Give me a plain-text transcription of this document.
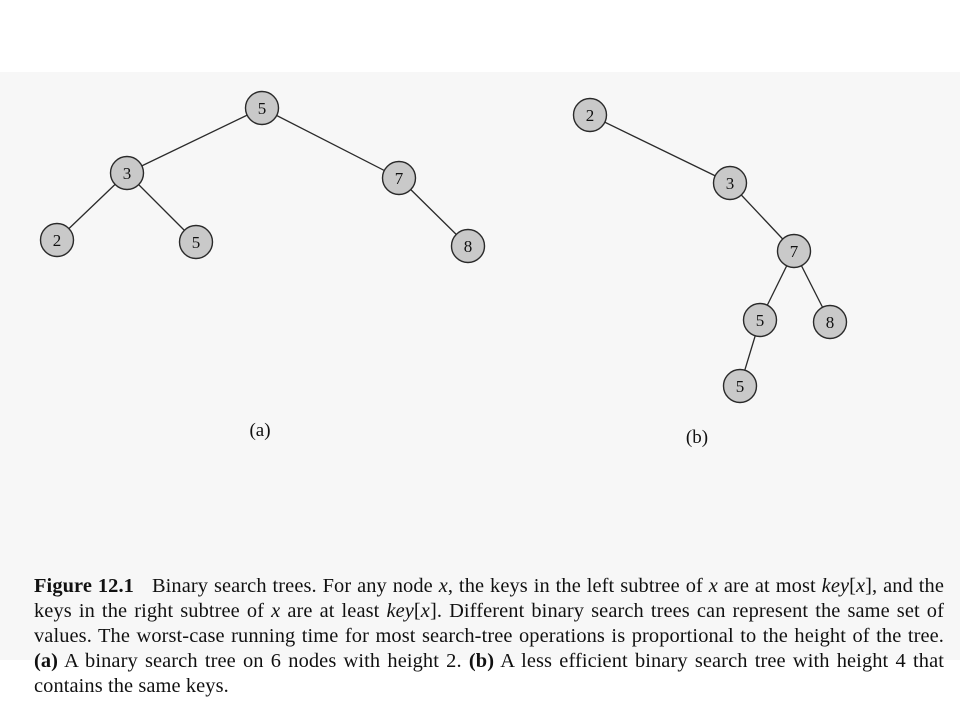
5
3	7
2	5	8
2
3
7
5	8
5
(a)	(b)
Figure 12.1 Binary search trees. For any node x, the keys in the left subtree of x are at most key[x], and the keys in the right subtree of x are at least key[x]. Different binary search trees can represent the same set of values. The worst-case running time for most search-tree operations is proportional to the height of the tree. (a) A binary search tree on 6 nodes with height 2. (b) A less efficient binary search tree with height 4 that contains the same keys.
